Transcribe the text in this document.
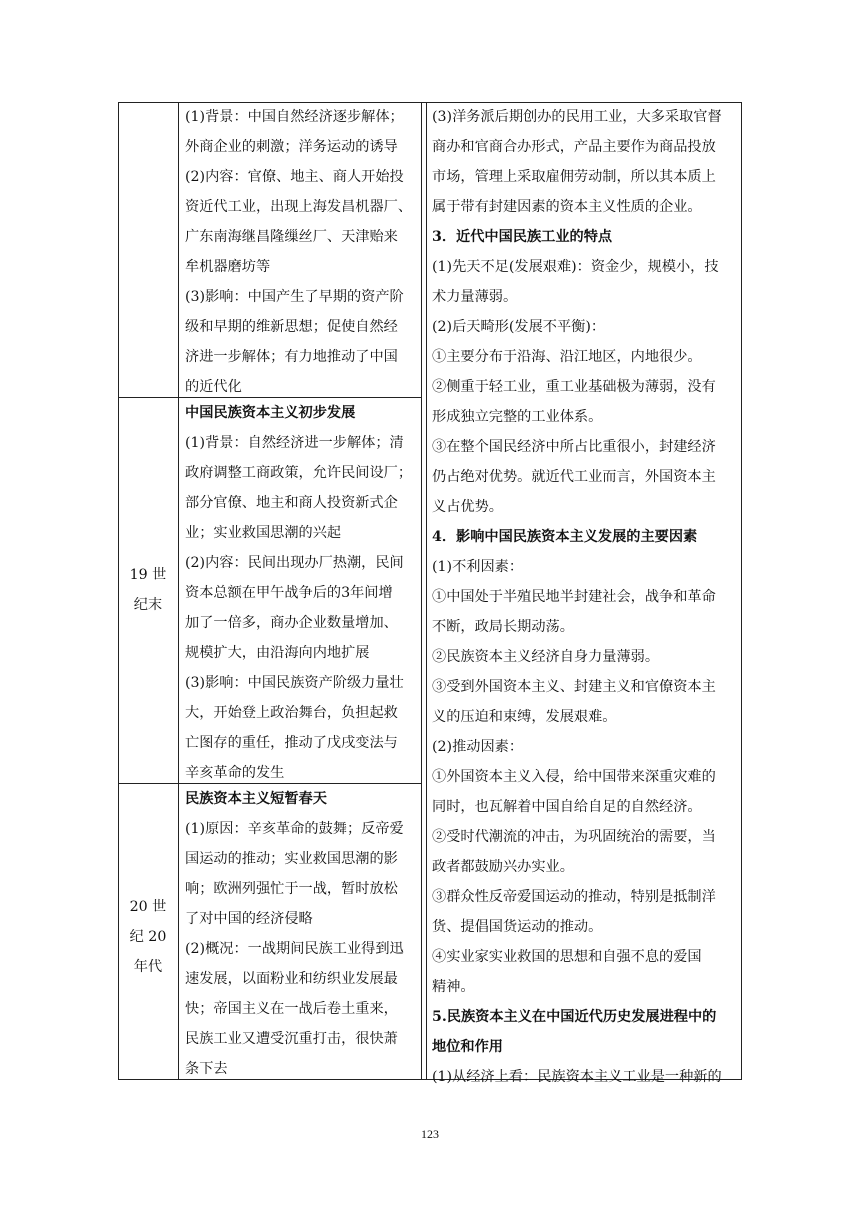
(1)背景：中国自然经济逐步解体；

外商企业的刺激；洋务运动的诱导

(2)内容：官僚、地主、商人开始投

资近代工业，出现上海发昌机器厂、

广东南海继昌隆缫丝厂、天津贻来

牟机器磨坊等

(3)影响：中国产生了早期的资产阶

级和早期的维新思想；促使自然经

济进一步解体；有力地推动了中国

的近代化

19 世

纪末

中国民族资本主义初步发展

(1)背景：自然经济进一步解体；清

政府调整工商政策，允许民间设厂；

部分官僚、地主和商人投资新式企

业；实业救国思潮的兴起

(2)内容：民间出现办厂热潮，民间

资本总额在甲午战争后的3年间增

加了一倍多，商办企业数量增加、

规模扩大，由沿海向内地扩展

(3)影响：中国民族资产阶级力量壮

大，开始登上政治舞台，负担起救

亡图存的重任，推动了戊戌变法与

辛亥革命的发生

20 世

纪 20

年代

民族资本主义短暂春天

(1)原因：辛亥革命的鼓舞；反帝爱

国运动的推动；实业救国思潮的影

响；欧洲列强忙于一战，暂时放松

了对中国的经济侵略

(2)概况：一战期间民族工业得到迅

速发展，以面粉业和纺织业发展最

快；帝国主义在一战后卷土重来，

民族工业又遭受沉重打击，很快萧

条下去

(3)洋务派后期创办的民用工业，大多采取官督

商办和官商合办形式，产品主要作为商品投放

市场，管理上采取雇佣劳动制，所以其本质上

属于带有封建因素的资本主义性质的企业。

3．近代中国民族工业的特点

(1)先天不足(发展艰难)：资金少，规模小，技

术力量薄弱。

(2)后天畸形(发展不平衡)：

①主要分布于沿海、沿江地区，内地很少。

②侧重于轻工业，重工业基础极为薄弱，没有

形成独立完整的工业体系。

③在整个国民经济中所占比重很小，封建经济

仍占绝对优势。就近代工业而言，外国资本主

义占优势。

4．影响中国民族资本主义发展的主要因素

(1)不利因素：

①中国处于半殖民地半封建社会，战争和革命

不断，政局长期动荡。

②民族资本主义经济自身力量薄弱。

③受到外国资本主义、封建主义和官僚资本主

义的压迫和束缚，发展艰难。

(2)推动因素：

①外国资本主义入侵，给中国带来深重灾难的

同时，也瓦解着中国自给自足的自然经济。

②受时代潮流的冲击，为巩固统治的需要，当

政者都鼓励兴办实业。

③群众性反帝爱国运动的推动，特别是抵制洋

货、提倡国货运动的推动。

④实业家实业救国的思想和自强不息的爱国

精神。

5.民族资本主义在中国近代历史发展进程中的

地位和作用

(1)从经济上看：民族资本主义工业是一种新的

123
